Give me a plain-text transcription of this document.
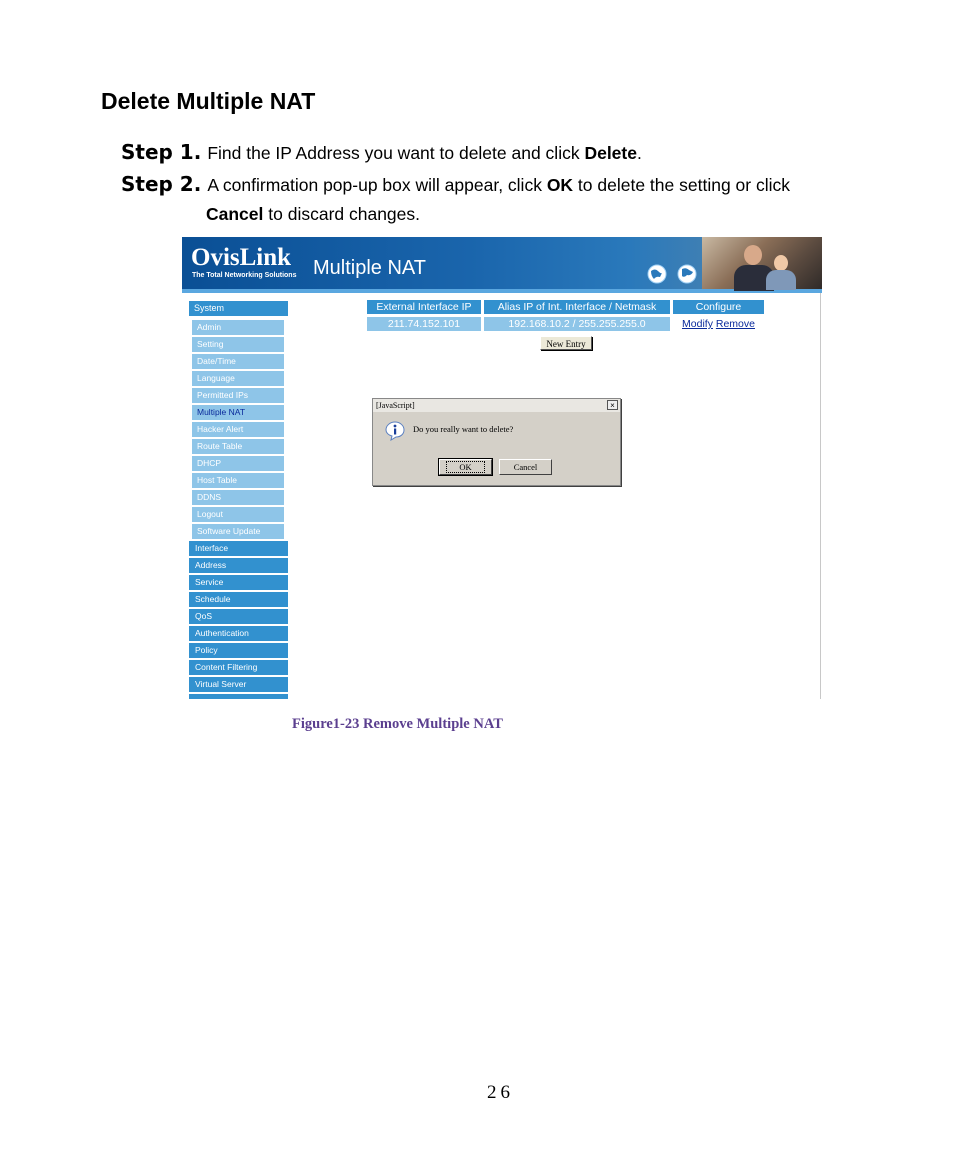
Delete Multiple NAT
Step 1. Find the IP Address you want to delete and click Delete.
Step 2. A confirmation pop-up box will appear, click OK to delete the setting or click
Cancel to discard changes.
OvisLink
The Total Networking Solutions Multiple NAT
System
Admin
Setting
Date/Time
Language
Permitted IPs
Multiple NAT
Hacker Alert
Route Table
DHCP
Host Table
DDNS
Logout
Software Update
Interface
Address
Service
Schedule
QoS
Authentication
Policy
Content Filtering
Virtual Server
External Interface IP	Alias IP of Int. Interface / Netmask	Configure
211.74.152.101	192.168.10.2 / 255.255.255.0	Modify Remove
New Entry
[JavaScript]	×
Do you really want to delete?
OK	Cancel
Figure1-23 Remove Multiple NAT
26
